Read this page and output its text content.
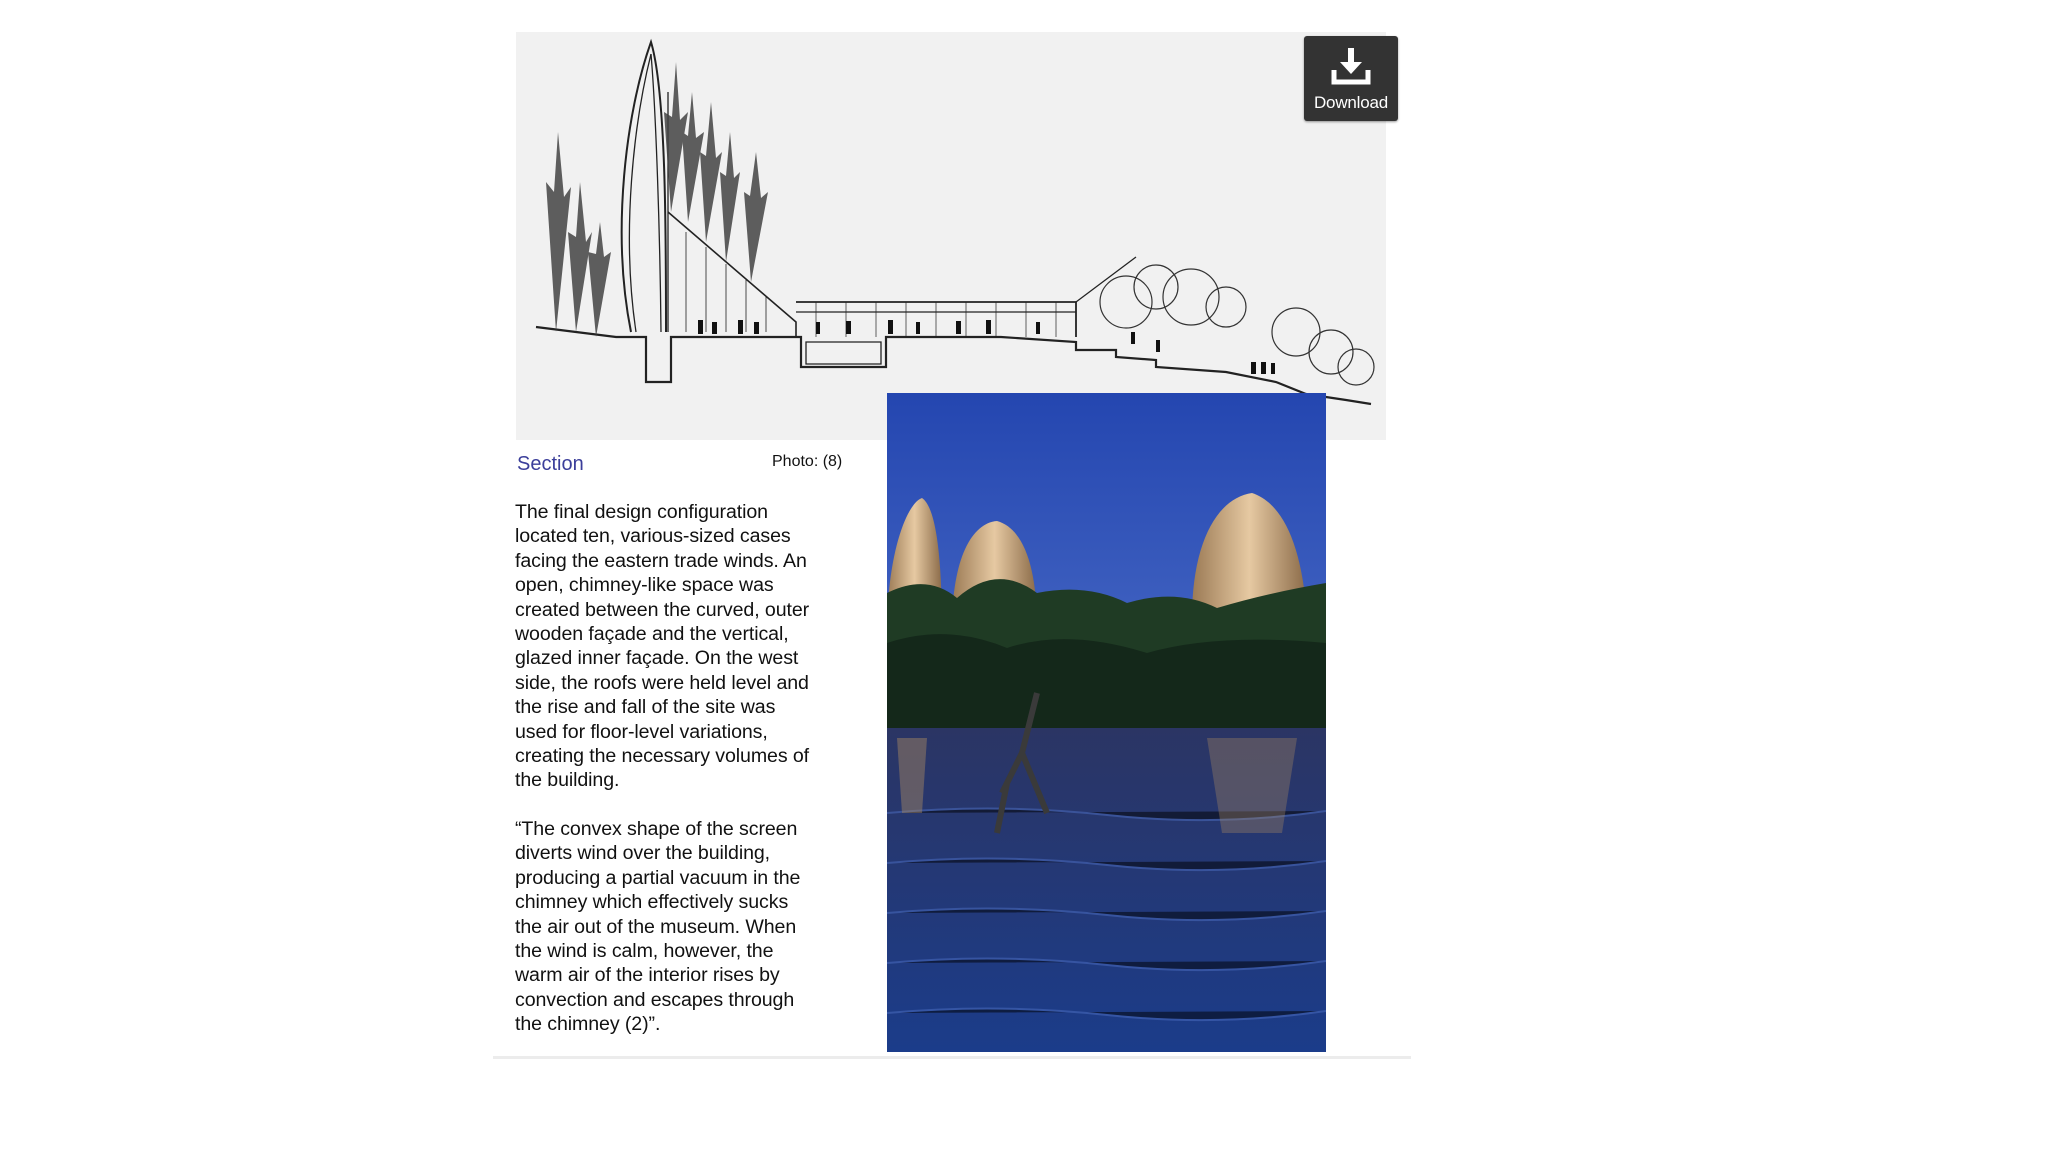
Download
Section	Photo: (8)

The final design configuration
located ten, various-sized cases
facing the eastern trade winds. An
open, chimney-like space was
created between the curved, outer
wooden façade and the vertical,
glazed inner façade. On the west
side, the roofs were held level and
the rise and fall of the site was
used for floor-level variations,
creating the necessary volumes of
the building.

“The convex shape of the screen
diverts wind over the building,
producing a partial vacuum in the
chimney which effectively sucks
the air out of the museum. When
the wind is calm, however, the
warm air of the interior rises by
convection and escapes through
the chimney (2)”.
